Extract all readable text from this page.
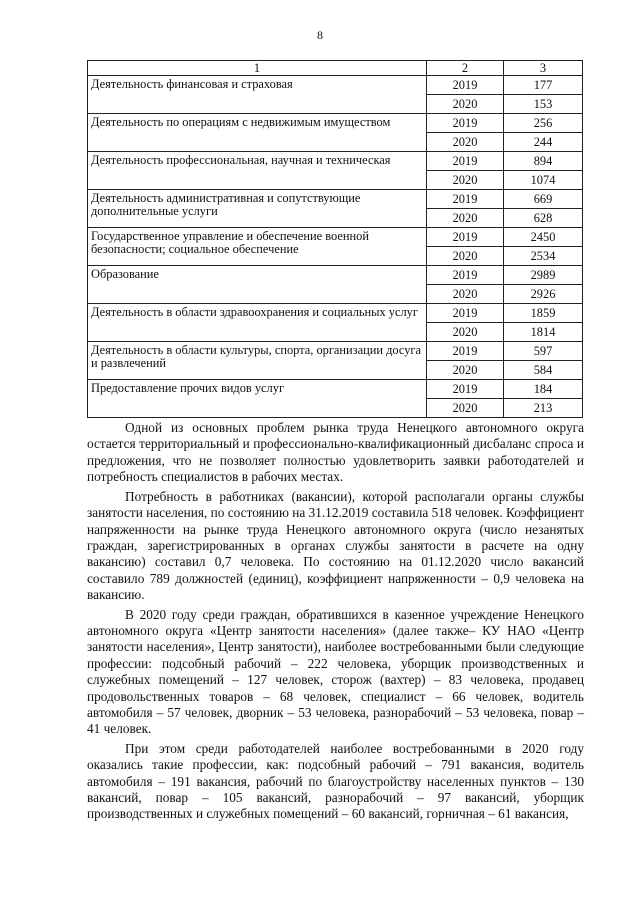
8
1	2	3
Деятельность финансовая и страховая	2019	177
	2020	153
Деятельность по операциям с недвижимым имуществом	2019	256
	2020	244
Деятельность профессиональная, научная и техническая	2019	894
	2020	1074
Деятельность административная и сопутствующие дополнительные услуги	2019	669
	2020	628
Государственное управление и обеспечение военной безопасности; социальное обеспечение	2019	2450
	2020	2534
Образование	2019	2989
	2020	2926
Деятельность в области здравоохранения и социальных услуг	2019	1859
	2020	1814
Деятельность в области культуры, спорта, организации досуга и развлечений	2019	597
	2020	584
Предоставление прочих видов услуг	2019	184
	2020	213

Одной из основных проблем рынка труда Ненецкого автономного округа остается территориальный и профессионально-квалификационный дисбаланс спроса и предложения, что не позволяет полностью удовлетворить заявки работодателей и потребность специалистов в рабочих местах.

Потребность в работниках (вакансии), которой располагали органы службы занятости населения, по состоянию на 31.12.2019 составила 518 человек. Коэффициент напряженности на рынке труда Ненецкого автономного округа (число незанятых граждан, зарегистрированных в органах службы занятости в расчете на одну вакансию) составил 0,7 человека. По состоянию на 01.12.2020 число вакансий составило 789 должностей (единиц), коэффициент напряженности – 0,9 человека на вакансию.

В 2020 году среди граждан, обратившихся в казенное учреждение Ненецкого автономного округа «Центр занятости населения» (далее также– КУ НАО «Центр занятости населения», Центр занятости), наиболее востребованными были следующие профессии: подсобный рабочий – 222 человека, уборщик производственных и служебных помещений – 127 человек, сторож (вахтер) – 83 человека, продавец продовольственных товаров – 68 человек, специалист – 66 человек, водитель автомобиля – 57 человек, дворник – 53 человека, разнорабочий – 53 человека, повар – 41 человек.

При этом среди работодателей наиболее востребованными в 2020 году оказались такие профессии, как: подсобный рабочий – 791 вакансия, водитель автомобиля – 191 вакансия, рабочий по благоустройству населенных пунктов – 130 вакансий, повар – 105 вакансий, разнорабочий – 97 вакансий, уборщик производственных и служебных помещений – 60 вакансий, горничная – 61 вакансия,
